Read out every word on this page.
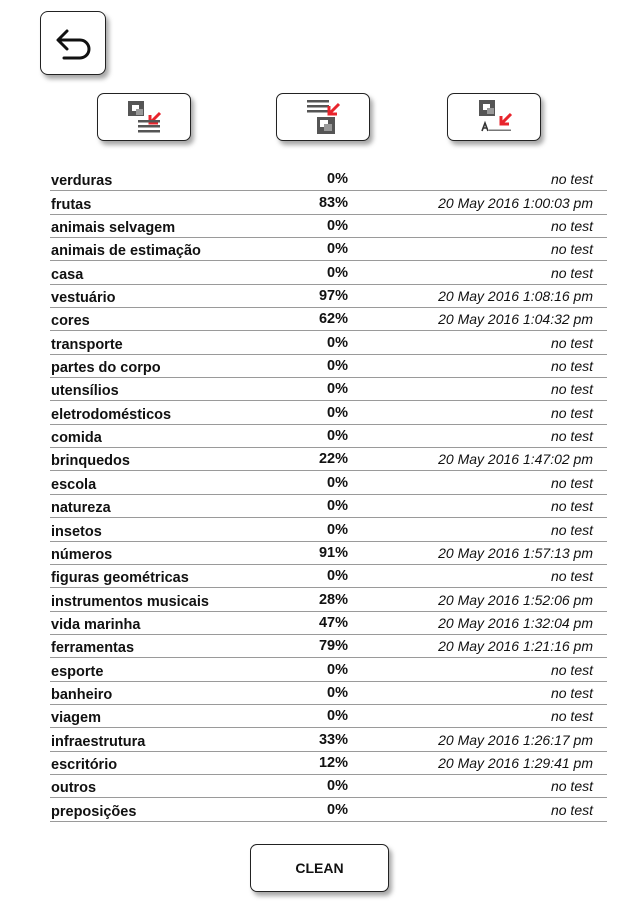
verduras	0%	no test
frutas	83%	20 May 2016 1:00:03 pm
animais selvagem	0%	no test
animais de estimação	0%	no test
casa	0%	no test
vestuário	97%	20 May 2016 1:08:16 pm
cores	62%	20 May 2016 1:04:32 pm
transporte	0%	no test
partes do corpo	0%	no test
utensílios	0%	no test
eletrodomésticos	0%	no test
comida	0%	no test
brinquedos	22%	20 May 2016 1:47:02 pm
escola	0%	no test
natureza	0%	no test
insetos	0%	no test
números	91%	20 May 2016 1:57:13 pm
figuras geométricas	0%	no test
instrumentos musicais	28%	20 May 2016 1:52:06 pm
vida marinha	47%	20 May 2016 1:32:04 pm
ferramentas	79%	20 May 2016 1:21:16 pm
esporte	0%	no test
banheiro	0%	no test
viagem	0%	no test
infraestrutura	33%	20 May 2016 1:26:17 pm
escritório	12%	20 May 2016 1:29:41 pm
outros	0%	no test
preposições	0%	no test
CLEAN
